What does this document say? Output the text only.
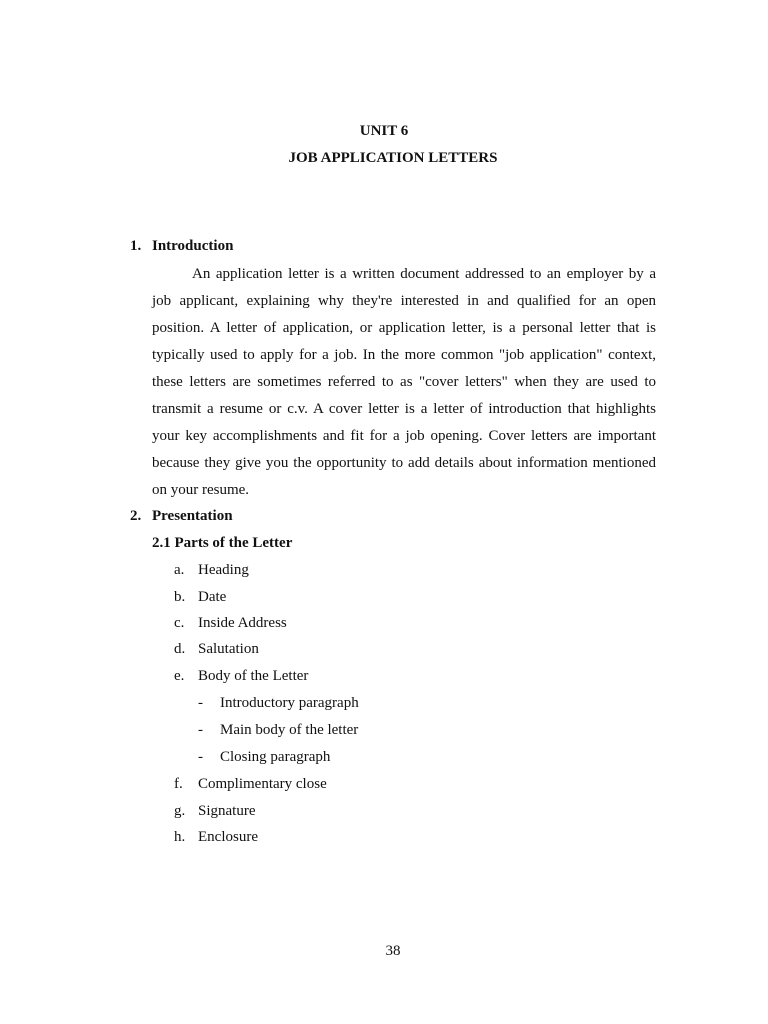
UNIT 6
JOB APPLICATION LETTERS
1. Introduction

An application letter is a written document addressed to an employer by a job applicant, explaining why they're interested in and qualified for an open position. A letter of application, or application letter, is a personal letter that is typically used to apply for a job. In the more common "job application" context, these letters are sometimes referred to as "cover letters" when they are used to transmit a resume or c.v. A cover letter is a letter of introduction that highlights your key accomplishments and fit for a job opening. Cover letters are important because they give you the opportunity to add details about information mentioned on your resume.

2. Presentation
2.1 Parts of the Letter
a. Heading
b. Date
c. Inside Address
d. Salutation
e. Body of the Letter
- Introductory paragraph
- Main body of the letter
- Closing paragraph
f. Complimentary close
g. Signature
h. Enclosure
38
